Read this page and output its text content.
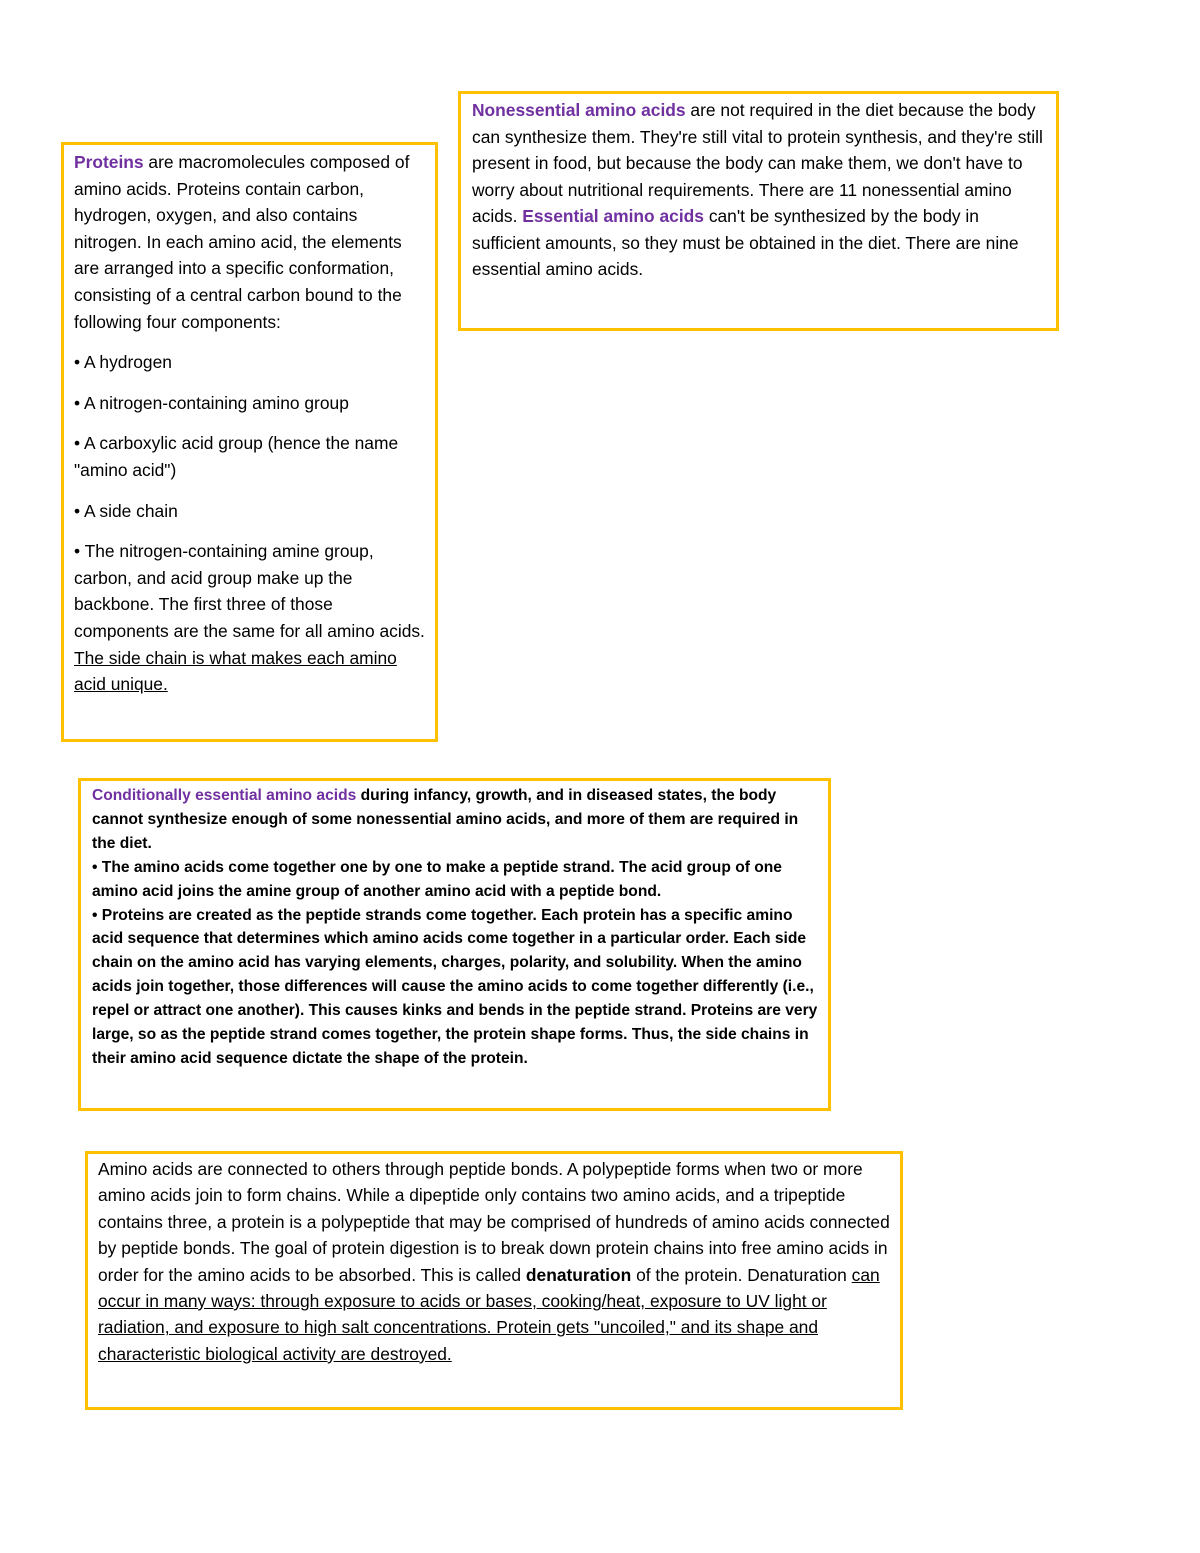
Proteins are macromolecules composed of amino acids. Proteins contain carbon, hydrogen, oxygen, and also contains nitrogen. In each amino acid, the elements are arranged into a specific conformation, consisting of a central carbon bound to the following four components:

• A hydrogen

• A nitrogen-containing amino group

• A carboxylic acid group (hence the name "amino acid")

• A side chain

• The nitrogen-containing amine group, carbon, and acid group make up the backbone. The first three of those components are the same for all amino acids. The side chain is what makes each amino acid unique.

Nonessential amino acids are not required in the diet because the body can synthesize them. They're still vital to protein synthesis, and they're still present in food, but because the body can make them, we don't have to worry about nutritional requirements. There are 11 nonessential amino acids. Essential amino acids can't be synthesized by the body in sufficient amounts, so they must be obtained in the diet. There are nine essential amino acids.

Conditionally essential amino acids during infancy, growth, and in diseased states, the body cannot synthesize enough of some nonessential amino acids, and more of them are required in the diet.

• The amino acids come together one by one to make a peptide strand. The acid group of one amino acid joins the amine group of another amino acid with a peptide bond.

• Proteins are created as the peptide strands come together. Each protein has a specific amino acid sequence that determines which amino acids come together in a particular order. Each side chain on the amino acid has varying elements, charges, polarity, and solubility. When the amino acids join together, those differences will cause the amino acids to come together differently (i.e., repel or attract one another). This causes kinks and bends in the peptide strand. Proteins are very large, so as the peptide strand comes together, the protein shape forms. Thus, the side chains in their amino acid sequence dictate the shape of the protein.

Amino acids are connected to others through peptide bonds. A polypeptide forms when two or more amino acids join to form chains. While a dipeptide only contains two amino acids, and a tripeptide contains three, a protein is a polypeptide that may be comprised of hundreds of amino acids connected by peptide bonds. The goal of protein digestion is to break down protein chains into free amino acids in order for the amino acids to be absorbed. This is called denaturation of the protein. Denaturation can occur in many ways: through exposure to acids or bases, cooking/heat, exposure to UV light or radiation, and exposure to high salt concentrations. Protein gets "uncoiled," and its shape and characteristic biological activity are destroyed.
